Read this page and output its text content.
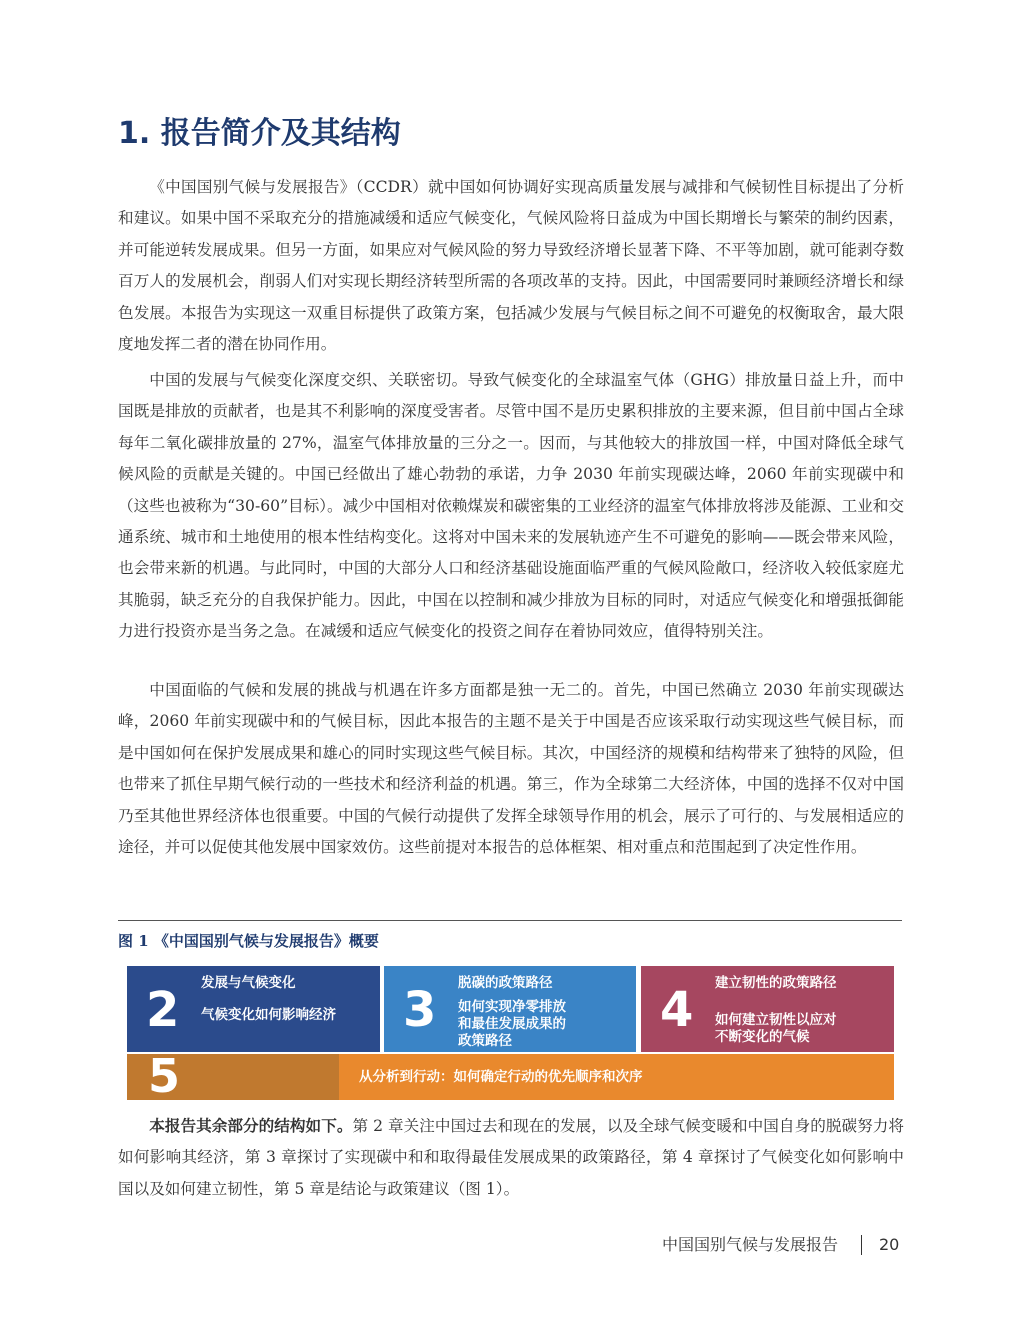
1. 报告简介及其结构

《中国国别气候与发展报告》（CCDR）就中国如何协调好实现高质量发展与减排和气候韧性目标提出了分析和建议。如果中国不采取充分的措施减缓和适应气候变化，气候风险将日益成为中国长期增长与繁荣的制约因素，并可能逆转发展成果。但另一方面，如果应对气候风险的努力导致经济增长显著下降、不平等加剧，就可能剥夺数百万人的发展机会，削弱人们对实现长期经济转型所需的各项改革的支持。因此，中国需要同时兼顾经济增长和绿色发展。本报告为实现这一双重目标提供了政策方案，包括减少发展与气候目标之间不可避免的权衡取舍，最大限度地发挥二者的潜在协同作用。

中国的发展与气候变化深度交织、关联密切。导致气候变化的全球温室气体（GHG）排放量日益上升，而中国既是排放的贡献者，也是其不利影响的深度受害者。尽管中国不是历史累积排放的主要来源，但目前中国占全球每年二氧化碳排放量的 27%，温室气体排放量的三分之一。因而，与其他较大的排放国一样，中国对降低全球气候风险的贡献是关键的。中国已经做出了雄心勃勃的承诺，力争 2030 年前实现碳达峰，2060 年前实现碳中和（这些也被称为“30-60”目标）。减少中国相对依赖煤炭和碳密集的工业经济的温室气体排放将涉及能源、工业和交通系统、城市和土地使用的根本性结构变化。这将对中国未来的发展轨迹产生不可避免的影响——既会带来风险，也会带来新的机遇。与此同时，中国的大部分人口和经济基础设施面临严重的气候风险敞口，经济收入较低家庭尤其脆弱，缺乏充分的自我保护能力。因此，中国在以控制和减少排放为目标的同时，对适应气候变化和增强抵御能力进行投资亦是当务之急。在减缓和适应气候变化的投资之间存在着协同效应，值得特别关注。

中国面临的气候和发展的挑战与机遇在许多方面都是独一无二的。首先，中国已然确立 2030 年前实现碳达峰，2060 年前实现碳中和的气候目标，因此本报告的主题不是关于中国是否应该采取行动实现这些气候目标，而是中国如何在保护发展成果和雄心的同时实现这些气候目标。其次，中国经济的规模和结构带来了独特的风险，但也带来了抓住早期气候行动的一些技术和经济利益的机遇。第三，作为全球第二大经济体，中国的选择不仅对中国乃至其他世界经济体也很重要。中国的气候行动提供了发挥全球领导作用的机会，展示了可行的、与发展相适应的途径，并可以促使其他发展中国家效仿。这些前提对本报告的总体框架、相对重点和范围起到了决定性作用。

图 1 《中国国别气候与发展报告》概要
2 发展与气候变化
气候变化如何影响经济 3 脱碳的政策路径
如何实现净零排放
和最佳发展成果的
政策路径
4 建立韧性的政策路径
如何建立韧性以应对
不断变化的气候
5	从分析到行动：如何确定行动的优先顺序和次序

本报告其余部分的结构如下。第 2 章关注中国过去和现在的发展，以及全球气候变暖和中国自身的脱碳努力将如何影响其经济，第 3 章探讨了实现碳中和和取得最佳发展成果的政策路径，第 4 章探讨了气候变化如何影响中国以及如何建立韧性，第 5 章是结论与政策建议（图 1）。

中国国别气候与发展报告	20
